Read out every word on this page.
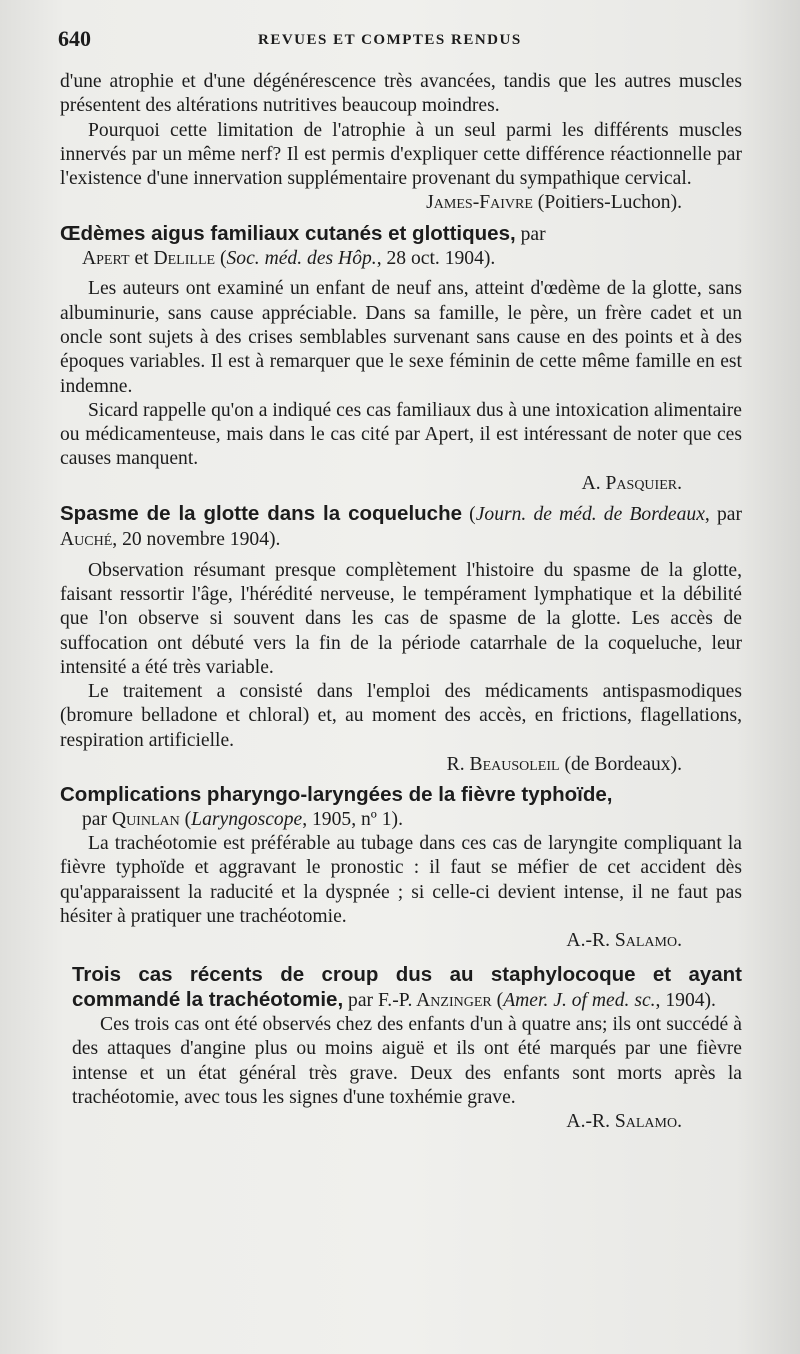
640	REVUES ET COMPTES RENDUS

d'une atrophie et d'une dégénérescence très avancées, tandis que les autres muscles présentent des altérations nutritives beaucoup moindres.

Pourquoi cette limitation de l'atrophie à un seul parmi les différents muscles innervés par un même nerf? Il est permis d'expliquer cette différence réactionnelle par l'existence d'une innervation supplémentaire provenant du sympathique cervical.

James-Faivre (Poitiers-Luchon).

Œdèmes aigus familiaux cutanés et glottiques, par

Apert et Delille (Soc. méd. des Hôp., 28 oct. 1904).

Les auteurs ont examiné un enfant de neuf ans, atteint d'œdème de la glotte, sans albuminurie, sans cause appréciable. Dans sa famille, le père, un frère cadet et un oncle sont sujets à des crises semblables survenant sans cause en des points et à des époques variables. Il est à remarquer que le sexe féminin de cette même famille en est indemne.

Sicard rappelle qu'on a indiqué ces cas familiaux dus à une intoxication alimentaire ou médicamenteuse, mais dans le cas cité par Apert, il est intéressant de noter que ces causes manquent.

A. Pasquier.

Spasme de la glotte dans la coqueluche (Journ. de méd. de Bordeaux, par Auché, 20 novembre 1904).

Observation résumant presque complètement l'histoire du spasme de la glotte, faisant ressortir l'âge, l'hérédité nerveuse, le tempérament lymphatique et la débilité que l'on observe si souvent dans les cas de spasme de la glotte. Les accès de suffocation ont débuté vers la fin de la période catarrhale de la coqueluche, leur intensité a été très variable.

Le traitement a consisté dans l'emploi des médicaments antispasmodiques (bromure belladone et chloral) et, au moment des accès, en frictions, flagellations, respiration artificielle.

R. Beausoleil (de Bordeaux).

Complications pharyngo-laryngées de la fièvre typhoïde,

par Quinlan (Laryngoscope, 1905, nº 1).

La trachéotomie est préférable au tubage dans ces cas de laryngite compliquant la fièvre typhoïde et aggravant le pronostic : il faut se méfier de cet accident dès qu'apparaissent la raducité et la dyspnée ; si celle-ci devient intense, il ne faut pas hésiter à pratiquer une trachéotomie.

A.-R. Salamo.

Trois cas récents de croup dus au staphylocoque et ayant commandé la trachéotomie, par F.-P. Anzinger (Amer. J. of med. sc., 1904).

Ces trois cas ont été observés chez des enfants d'un à quatre ans; ils ont succédé à des attaques d'angine plus ou moins aiguë et ils ont été marqués par une fièvre intense et un état général très grave. Deux des enfants sont morts après la trachéotomie, avec tous les signes d'une toxhémie grave.

A.-R. Salamo.
